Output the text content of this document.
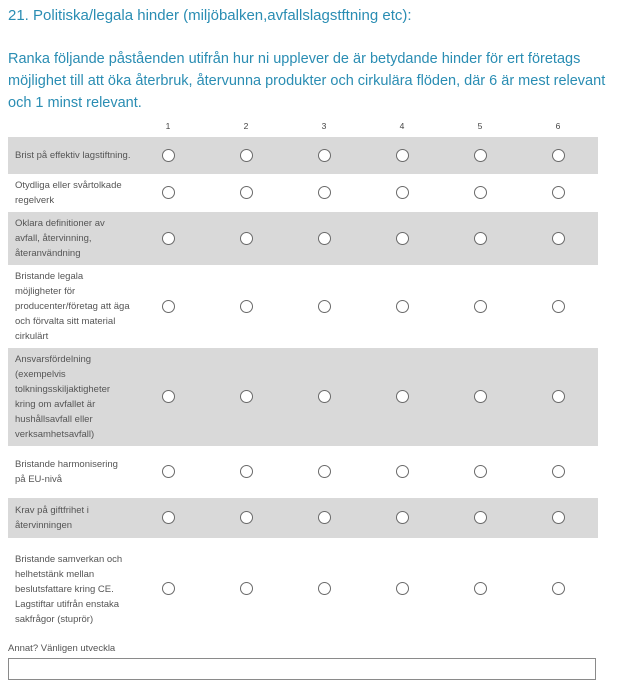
21. Politiska/legala hinder (miljöbalken,avfallslagstftning etc):
Ranka följande påståenden utifrån hur ni upplever de är betydande hinder för ert företags möjlighet till att öka återbruk, återvunna produkter och cirkulära flöden, där 6 är mest relevant och 1 minst relevant.
1	2	3	4	5	6
Brist på effektiv lagstiftning.
Otydliga eller svårtolkade regelverk
Oklara definitioner av avfall, återvinning, återanvändning
Bristande legala möjligheter för producenter/företag att äga och förvalta sitt material cirkulärt
Ansvarsfördelning (exempelvis tolkningsskiljaktigheter kring om avfallet är hushållsavfall eller verksamhetsavfall)
Bristande harmonisering på EU-nivå
Krav på giftfrihet i återvinningen
Bristande samverkan och helhetstänk mellan beslutsfattare kring CE. Lagstiftar utifrån enstaka sakfrågor (stuprör)
Annat? Vänligen utveckla
